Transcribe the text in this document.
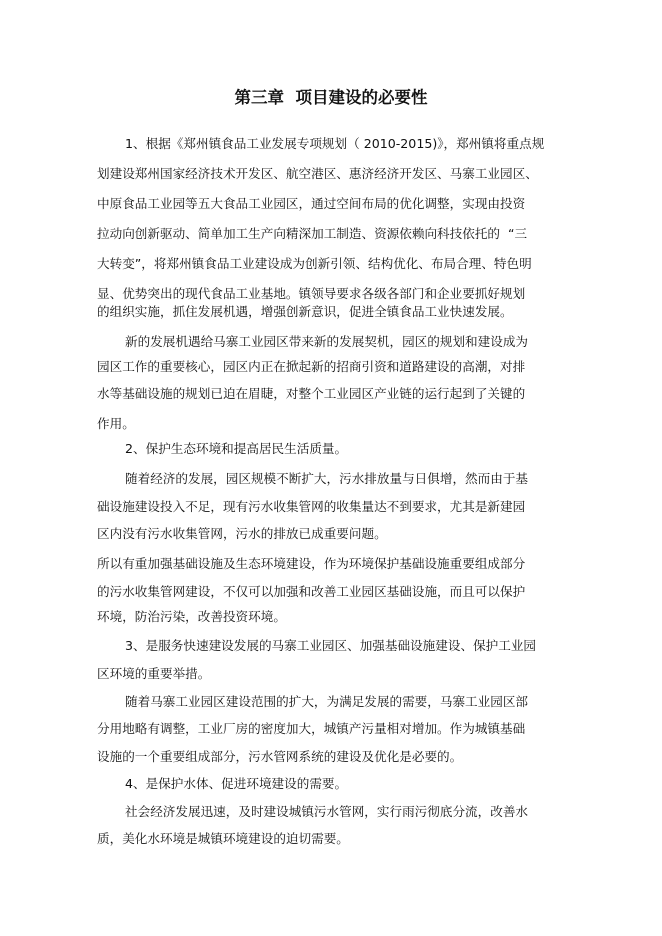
第三章  项目建设的必要性
1、根据《郑州镇食品工业发展专项规划（ 2010-2015)》，郑州镇将重点规
划建设郑州国家经济技术开发区、航空港区、惠济经济开发区、马寨工业园区、
中原食品工业园等五大食品工业园区，通过空间布局的优化调整，实现由投资
拉动向创新驱动、简单加工生产向精深加工制造、资源依赖向科技依托的  “三
大转变”，将郑州镇食品工业建设成为创新引领、结构优化、布局合理、特色明
显、优势突出的现代食品工业基地。镇领导要求各级各部门和企业要抓好规划
的组织实施，抓住发展机遇，增强创新意识，促进全镇食品工业快速发展。
新的发展机遇给马寨工业园区带来新的发展契机，园区的规划和建设成为
园区工作的重要核心，园区内正在掀起新的招商引资和道路建设的高潮，对排
水等基础设施的规划已迫在眉睫，对整个工业园区产业链的运行起到了关键的
作用。
2、保护生态环境和提高居民生活质量。
随着经济的发展，园区规模不断扩大，污水排放量与日俱增，然而由于基
础设施建设投入不足，现有污水收集管网的收集量达不到要求，尤其是新建园
区内没有污水收集管网，污水的排放已成重要问题。
所以有重加强基础设施及生态环境建设，作为环境保护基础设施重要组成部分
的污水收集管网建设，不仅可以加强和改善工业园区基础设施，而且可以保护
环境，防治污染，改善投资环境。
3、是服务快速建设发展的马寨工业园区、加强基础设施建设、保护工业园
区环境的重要举措。
随着马寨工业园区建设范围的扩大，为满足发展的需要，马寨工业园区部
分用地略有调整，工业厂房的密度加大，城镇产污量相对增加。作为城镇基础
设施的一个重要组成部分，污水管网系统的建设及优化是必要的。
4、是保护水体、促进环境建设的需要。
社会经济发展迅速，及时建设城镇污水管网，实行雨污彻底分流，改善水
质，美化水环境是城镇环境建设的迫切需要。
